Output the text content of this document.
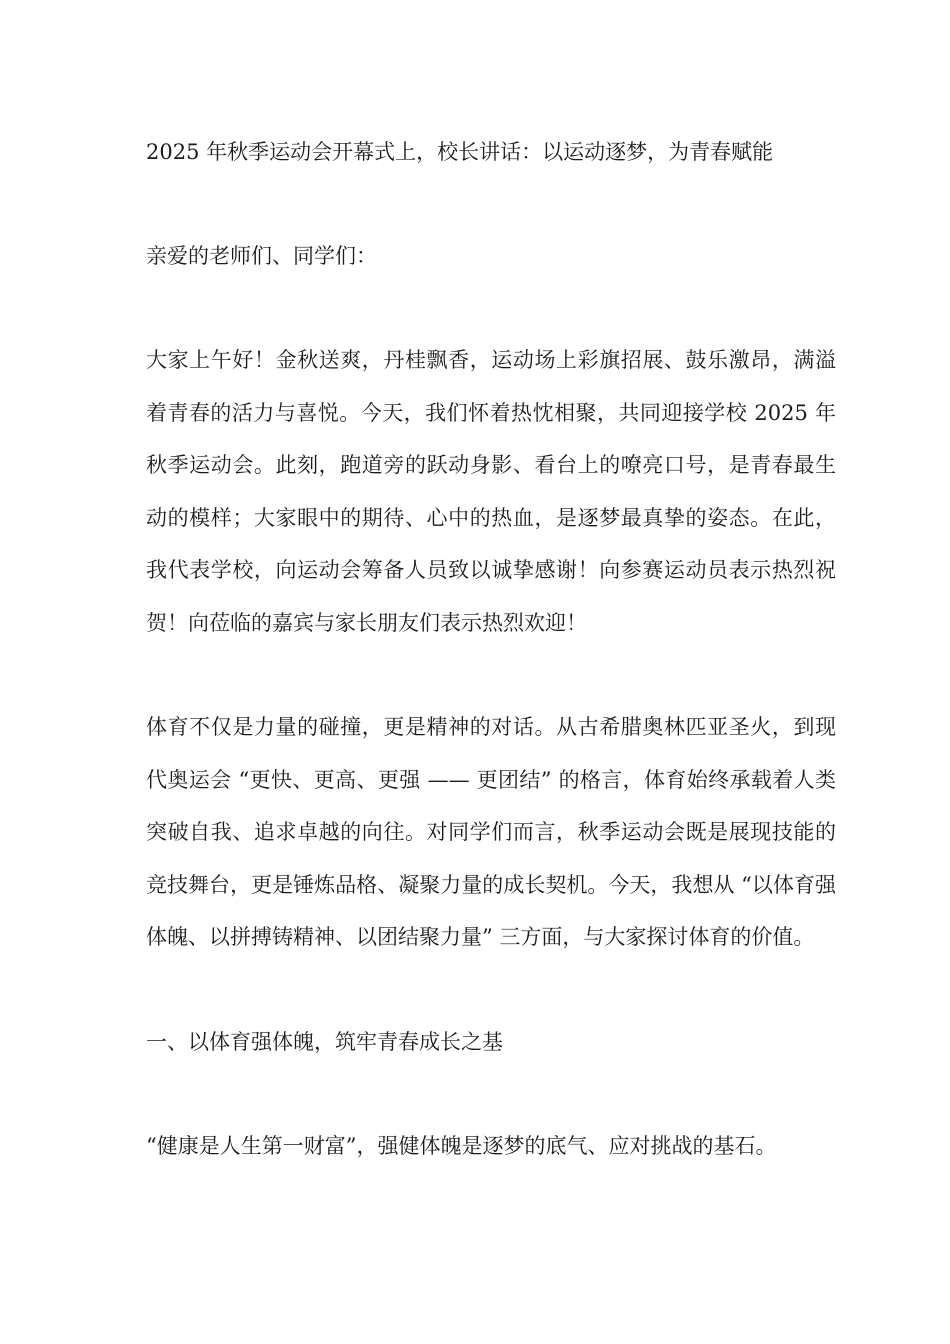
2025 年秋季运动会开幕式上，校长讲话：以运动逐梦，为青春赋能

亲爱的老师们、同学们：

大家上午好！金秋送爽，丹桂飘香，运动场上彩旗招展、鼓乐激昂，满溢着青春的活力与喜悦。今天，我们怀着热忱相聚，共同迎接学校 2025 年秋季运动会。此刻，跑道旁的跃动身影、看台上的嘹亮口号，是青春最生动的模样；大家眼中的期待、心中的热血，是逐梦最真挚的姿态。在此，我代表学校，向运动会筹备人员致以诚挚感谢！向参赛运动员表示热烈祝贺！向莅临的嘉宾与家长朋友们表示热烈欢迎！

体育不仅是力量的碰撞，更是精神的对话。从古希腊奥林匹亚圣火，到现代奥运会 “更快、更高、更强 —— 更团结” 的格言，体育始终承载着人类突破自我、追求卓越的向往。对同学们而言，秋季运动会既是展现技能的竞技舞台，更是锤炼品格、凝聚力量的成长契机。今天，我想从 “以体育强体魄、以拼搏铸精神、以团结聚力量” 三方面，与大家探讨体育的价值。

一、以体育强体魄，筑牢青春成长之基

“健康是人生第一财富”，强健体魄是逐梦的底气、应对挑战的基石。
